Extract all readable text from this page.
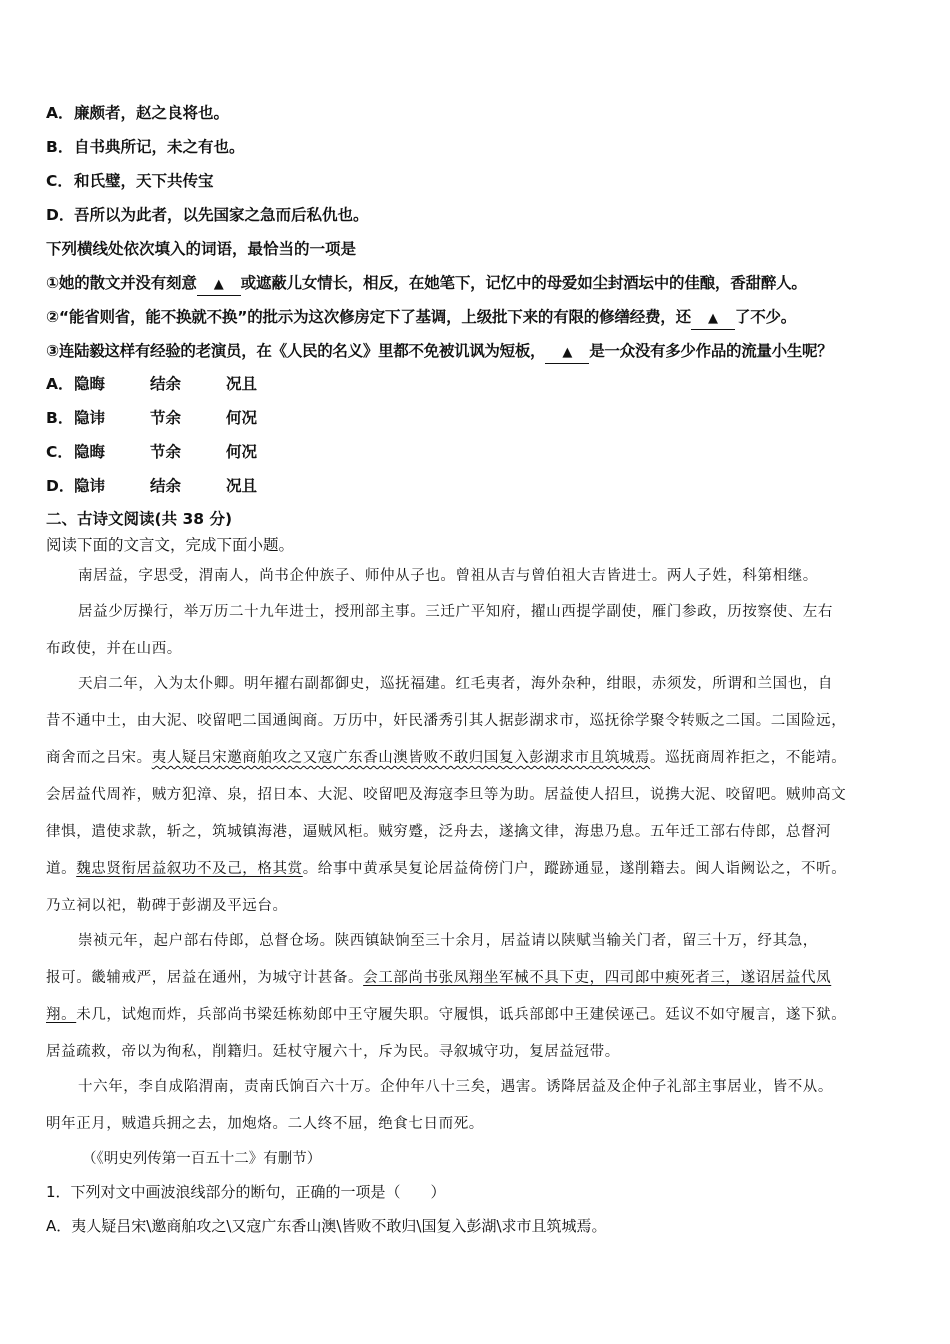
A．廉颇者，赵之良将也。
B．自书典所记，未之有也。
C．和氏璧，天下共传宝
D．吾所以为此者，以先国家之急而后私仇也。
下列横线处依次填入的词语，最恰当的一项是
①她的散文并没有刻意 ▲ 或遮蔽儿女情长，相反，在她笔下，记忆中的母爱如尘封酒坛中的佳酿，香甜醉人。
②“能省则省，能不换就不换”的批示为这次修房定下了基调，上级批下来的有限的修缮经费，还 ▲ 了不少。
③连陆毅这样有经验的老演员，在《人民的名义》里都不免被讥讽为短板， ▲ 是一众没有多少作品的流量小生呢？
A．隐晦	结余	况且
B．隐讳	节余	何况
C．隐晦	节余	何况
D．隐讳	结余	况且
二、古诗文阅读(共 38 分)
阅读下面的文言文，完成下面小题。
南居益，字思受，渭南人，尚书企仲族子、师仲从子也。曾祖从吉与曾伯祖大吉皆进士。两人子姓，科第相继。
居益少厉操行，举万历二十九年进士，授刑部主事。三迁广平知府，擢山西提学副使，雁门参政，历按察使、左右
布政使，并在山西。
天启二年，入为太仆卿。明年擢右副都御史，巡抚福建。红毛夷者，海外杂种，绀眼，赤须发，所谓和兰国也，自
昔不通中土，由大泥、咬留吧二国通闽商。万历中，奸民潘秀引其人据彭湖求市，巡抚徐学聚令转贩之二国。二国险远，
商舍而之吕宋。夷人疑吕宋邀商舶攻之又寇广东香山澳皆败不敢归国复入彭湖求市且筑城焉。巡抚商周祚拒之，不能靖。
会居益代周祚，贼方犯漳、泉，招日本、大泥、咬留吧及海寇李旦等为助。居益使人招旦，说携大泥、咬留吧。贼帅高文
律惧，遣使求款，斩之，筑城镇海港，逼贼风柜。贼穷蹙，泛舟去，遂擒文律，海患乃息。五年迁工部右侍郎，总督河
道。魏忠贤衔居益叙功不及己，格其赏。给事中黄承昊复论居益倚傍门户，蹤跡通显，遂削籍去。闽人诣阙讼之，不听。
乃立祠以祀，勒碑于彭湖及平远台。
崇祯元年，起户部右侍郎，总督仓场。陕西镇缺饷至三十余月，居益请以陕赋当输关门者，留三十万，纾其急，
报可。畿辅戒严，居益在通州，为城守计甚备。会工部尚书张凤翔坐军械不具下吏，四司郎中瘐死者三，遂诏居益代凤
翔。未几，试炮而炸，兵部尚书梁廷栋劾郎中王守履失职。守履惧，诋兵部郎中王建侯诬己。廷议不如守履言，遂下狱。
居益疏救，帝以为徇私，削籍归。廷杖守履六十，斥为民。寻叙城守功，复居益冠带。
十六年，李自成陷渭南，责南氏饷百六十万。企仲年八十三矣，遇害。诱降居益及企仲子礼部主事居业，皆不从。
明年正月，贼遣兵拥之去，加炮烙。二人终不屈，绝食七日而死。
（《明史列传第一百五十二》有删节）
1．下列对文中画波浪线部分的断句，正确的一项是（　　）
A．夷人疑吕宋\邀商舶攻之\又寇广东香山澳\皆败不敢归\国复入彭湖\求市且筑城焉。
